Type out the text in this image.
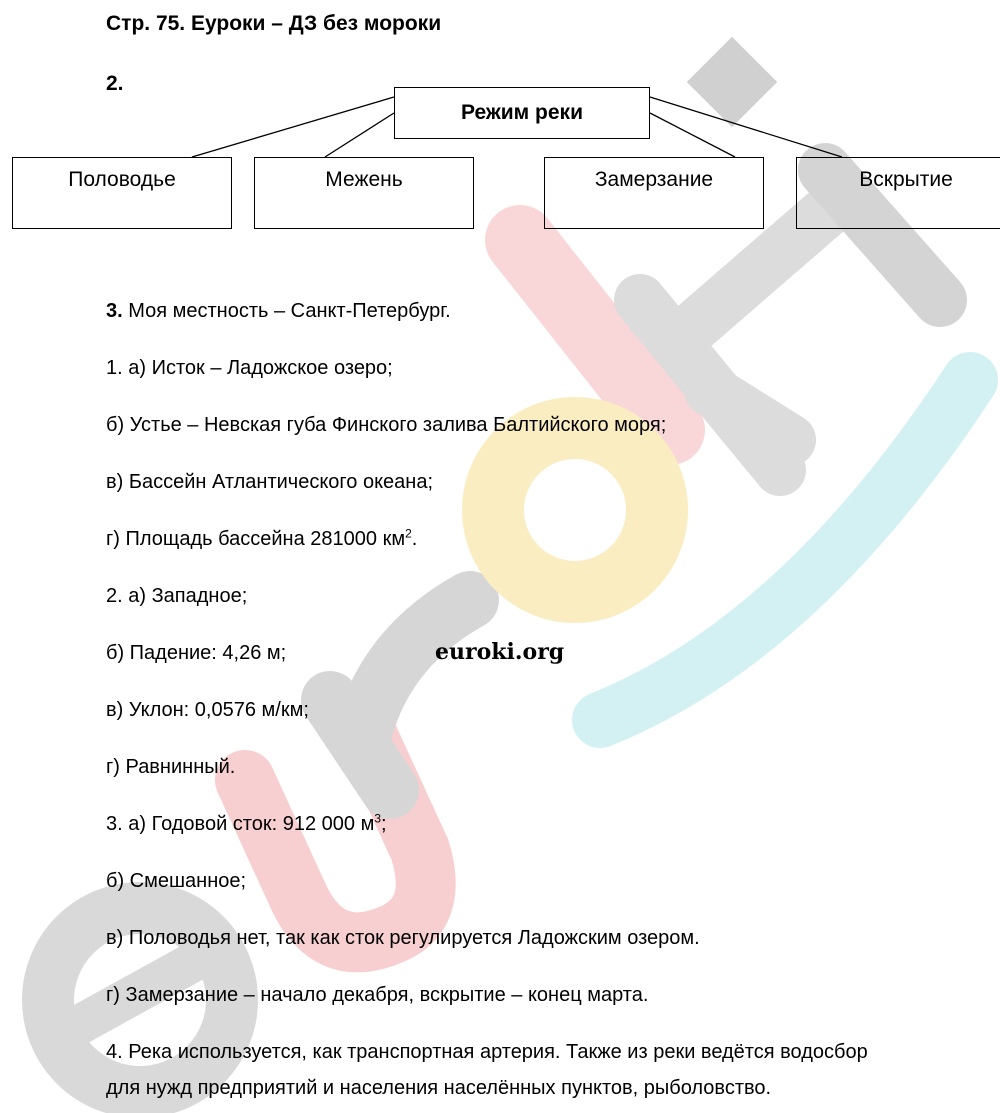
Стр. 75. Еуроки – ДЗ без мороки
2.
Режим реки
Половодье	Межень	Замерзание	Вскрытие
3. Моя местность – Санкт-Петербург.
1. а) Исток – Ладожское озеро;
б) Устье – Невская губа Финского залива Балтийского моря;
в) Бассейн Атлантического океана;
г) Площадь бассейна 281000 $км^2$.
2. а) Западное;
б) Падение: 4,26 м;	euroki.org
в) Уклон: 0,0576 м/км;
г) Равнинный.
3. а) Годовой сток: 912 000 $м^3$;
б) Смешанное;
в) Половодья нет, так как сток регулируется Ладожским озером.
г) Замерзание – начало декабря, вскрытие – конец марта.
4. Река используется, как транспортная артерия. Также из реки ведётся водосбор
для нужд предприятий и населения населённых пунктов, рыболовство.
